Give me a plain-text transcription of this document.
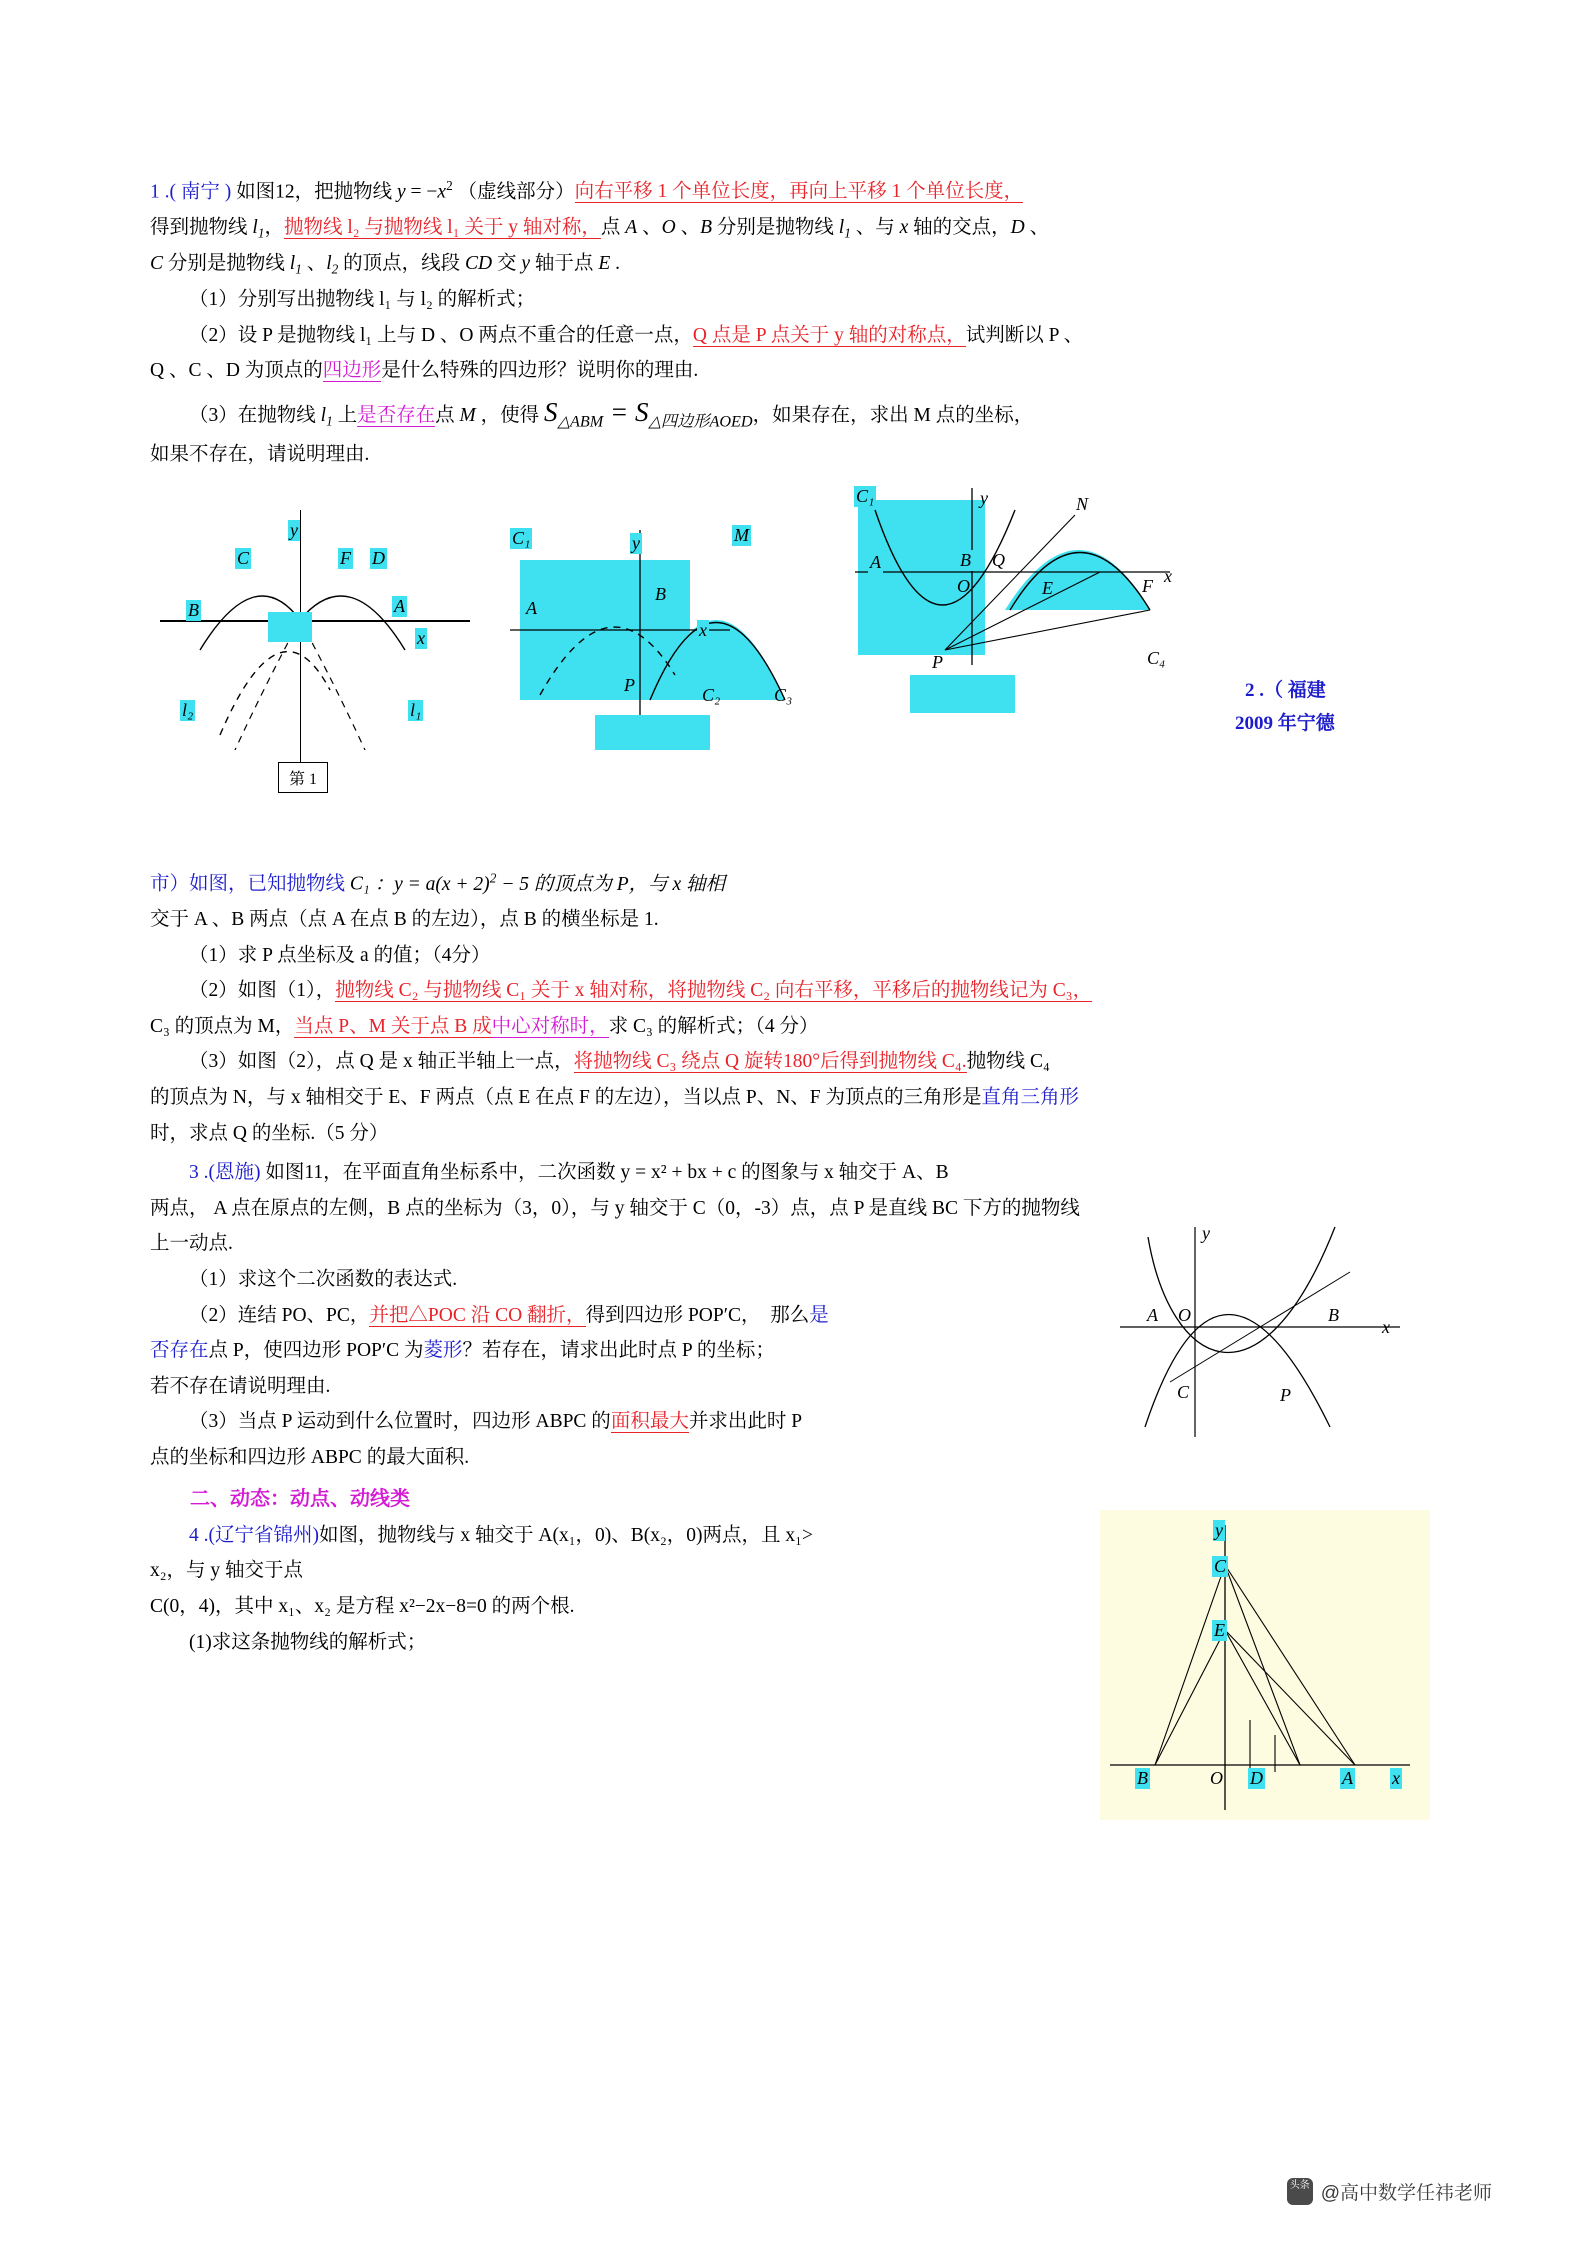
1 .( 南宁 ) 如图12，把抛物线 $y = -x^2$ （虚线部分）向右平移 1 个单位长度，再向上平移 1 个单位长度，

得到抛物线 $l_1$，抛物线 l₂ 与抛物线 l₁ 关于 y 轴对称，点 A 、O 、B 分别是抛物线 $l_1$ 、与 x 轴的交点，D 、

C 分别是抛物线 $l_1$ 、$l_2$ 的顶点，线段 CD 交 y 轴于点 E .

（1）分别写出抛物线 l₁ 与 l₂ 的解析式；

（2）设 P 是抛物线 l₁ 上与 D 、O 两点不重合的任意一点，Q 点是 P 点关于 y 轴的对称点，试判断以 P 、

Q 、C 、D 为顶点的四边形是什么特殊的四边形？说明你的理由.

（3）在抛物线 $l_1$ 上是否存在点 M ，使得 $S_{\triangle ABM} = S_{\triangle 四边形AOED}$，如果存在，求出 M 点的坐标，

如果不存在，请说明理由.

y
C	F D
B	A
x
l₂	l₁
第 1
C₁	y	M
A
B
x
P	C₂	C₃
C₁	y	N
A	B Q
O	E	F x
P	C₄
2 .（ 福建
2009 年宁德

市）如图，已知抛物线 C₁ ：$y = a(x + 2)^2 - 5$ 的顶点为 P，与 x 轴相

交于 A 、B 两点（点 A 在点 B 的左边），点 B 的横坐标是 1.

（1）求 P 点坐标及 a 的值；（4分）

（2）如图（1），抛物线 C₂ 与抛物线 C₁ 关于 x 轴对称，将抛物线 C₂ 向右平移，平移后的抛物线记为 C₃，

C₃ 的顶点为 M，当点 P、M 关于点 B 成中心对称时，求 C₃ 的解析式；（4 分）

（3）如图（2），点 Q 是 x 轴正半轴上一点，将抛物线 C₃ 绕点 Q 旋转180°后得到抛物线 C₄.抛物线 C₄

的顶点为 N，与 x 轴相交于 E、F 两点（点 E 在点 F 的左边），当以点 P、N、F 为顶点的三角形是直角三角形

时，求点 Q 的坐标.（5 分）

3 .(恩施) 如图11，在平面直角坐标系中，二次函数 y = x² + bx + c 的图象与 x 轴交于 A、B

两点， A 点在原点的左侧，B 点的坐标为（3，0），与 y 轴交于 C（0，-3）点，点 P 是直线 BC 下方的抛物线

上一动点.

（1）求这个二次函数的表达式.

（2）连结 PO、PC，并把△POC 沿 CO 翻折，得到四边形 POP′C，　那么是

否存在点 P，使四边形 POP′C 为菱形？若存在，请求出此时点 P 的坐标；

若不存在请说明理由.

（3）当点 P 运动到什么位置时，四边形 ABPC 的面积最大并求出此时 P

点的坐标和四边形 ABPC 的最大面积.

y
A O	B
x
C	P

二、动态：动点、动线类

4 .(辽宁省锦州)如图，抛物线与 x 轴交于 A(x₁，0)、B(x₂，0)两点，且 x₁>

x₂，与 y 轴交于点

C(0，4)，其中 x₁、x₂ 是方程 x²−2x−8=0 的两个根.

(1)求这条抛物线的解析式；

y
C
E
B	O D	A x
头条 @高中数学任祎老师
